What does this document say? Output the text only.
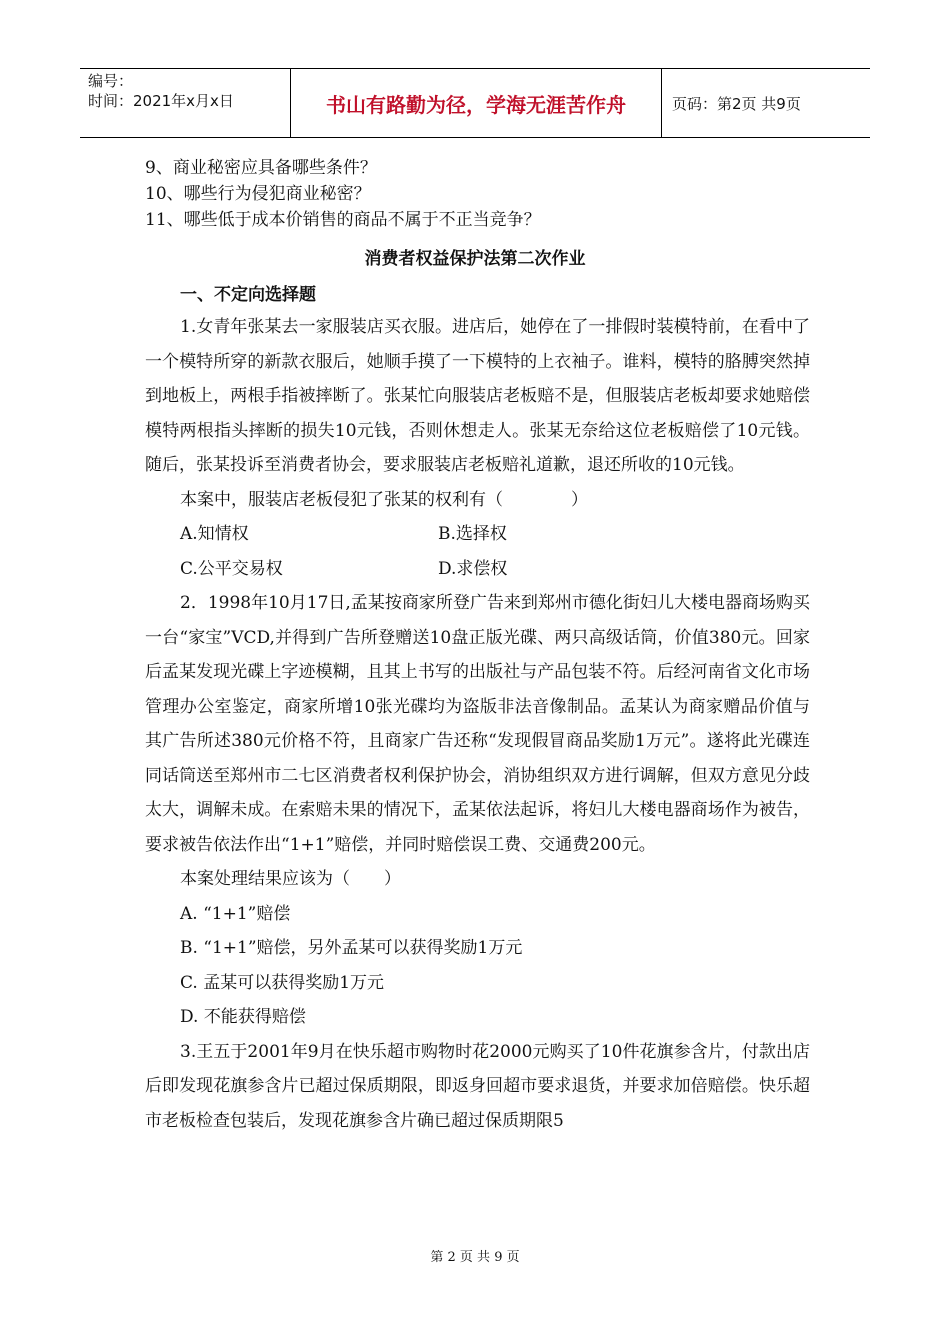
编号：
时间：2021年x月x日	书山有路勤为径，学海无涯苦作舟	页码：第2页 共9页

9、商业秘密应具备哪些条件？

10、哪些行为侵犯商业秘密？

11、哪些低于成本价销售的商品不属于不正当竞争？

消费者权益保护法第二次作业
一、不定向选择题

1.女青年张某去一家服装店买衣服。进店后，她停在了一排假时装模特前，在看中了一个模特所穿的新款衣服后，她顺手摸了一下模特的上衣袖子。谁料，模特的胳膊突然掉到地板上，两根手指被摔断了。张某忙向服装店老板赔不是，但服装店老板却要求她赔偿模特两根指头摔断的损失10元钱，否则休想走人。张某无奈给这位老板赔偿了10元钱。随后，张某投诉至消费者协会，要求服装店老板赔礼道歉，退还所收的10元钱。

本案中，服装店老板侵犯了张某的权利有（　　　　）

A.知情权	B.选择权
C.公平交易权	D.求偿权

2．1998年10月17日,孟某按商家所登广告来到郑州市德化街妇儿大楼电器商场购买一台“家宝”VCD,并得到广告所登赠送10盘正版光碟、两只高级话筒，价值380元。回家后孟某发现光碟上字迹模糊，且其上书写的出版社与产品包装不符。后经河南省文化市场管理办公室鉴定，商家所增10张光碟均为盗版非法音像制品。孟某认为商家赠品价值与其广告所述380元价格不符，且商家广告还称“发现假冒商品奖励1万元”。遂将此光碟连同话筒送至郑州市二七区消费者权利保护协会，消协组织双方进行调解，但双方意见分歧太大，调解未成。在索赔未果的情况下，孟某依法起诉，将妇儿大楼电器商场作为被告，要求被告依法作出“1+1”赔偿，并同时赔偿误工费、交通费200元。

本案处理结果应该为（　　）

A. “1+1”赔偿

B. “1+1”赔偿，另外孟某可以获得奖励1万元

C. 孟某可以获得奖励1万元

D. 不能获得赔偿

3.王五于2001年9月在快乐超市购物时花2000元购买了10件花旗参含片，付款出店后即发现花旗参含片已超过保质期限，即返身回超市要求退货，并要求加倍赔偿。快乐超市老板检查包装后，发现花旗参含片确已超过保质期限5

第 2 页 共 9 页
